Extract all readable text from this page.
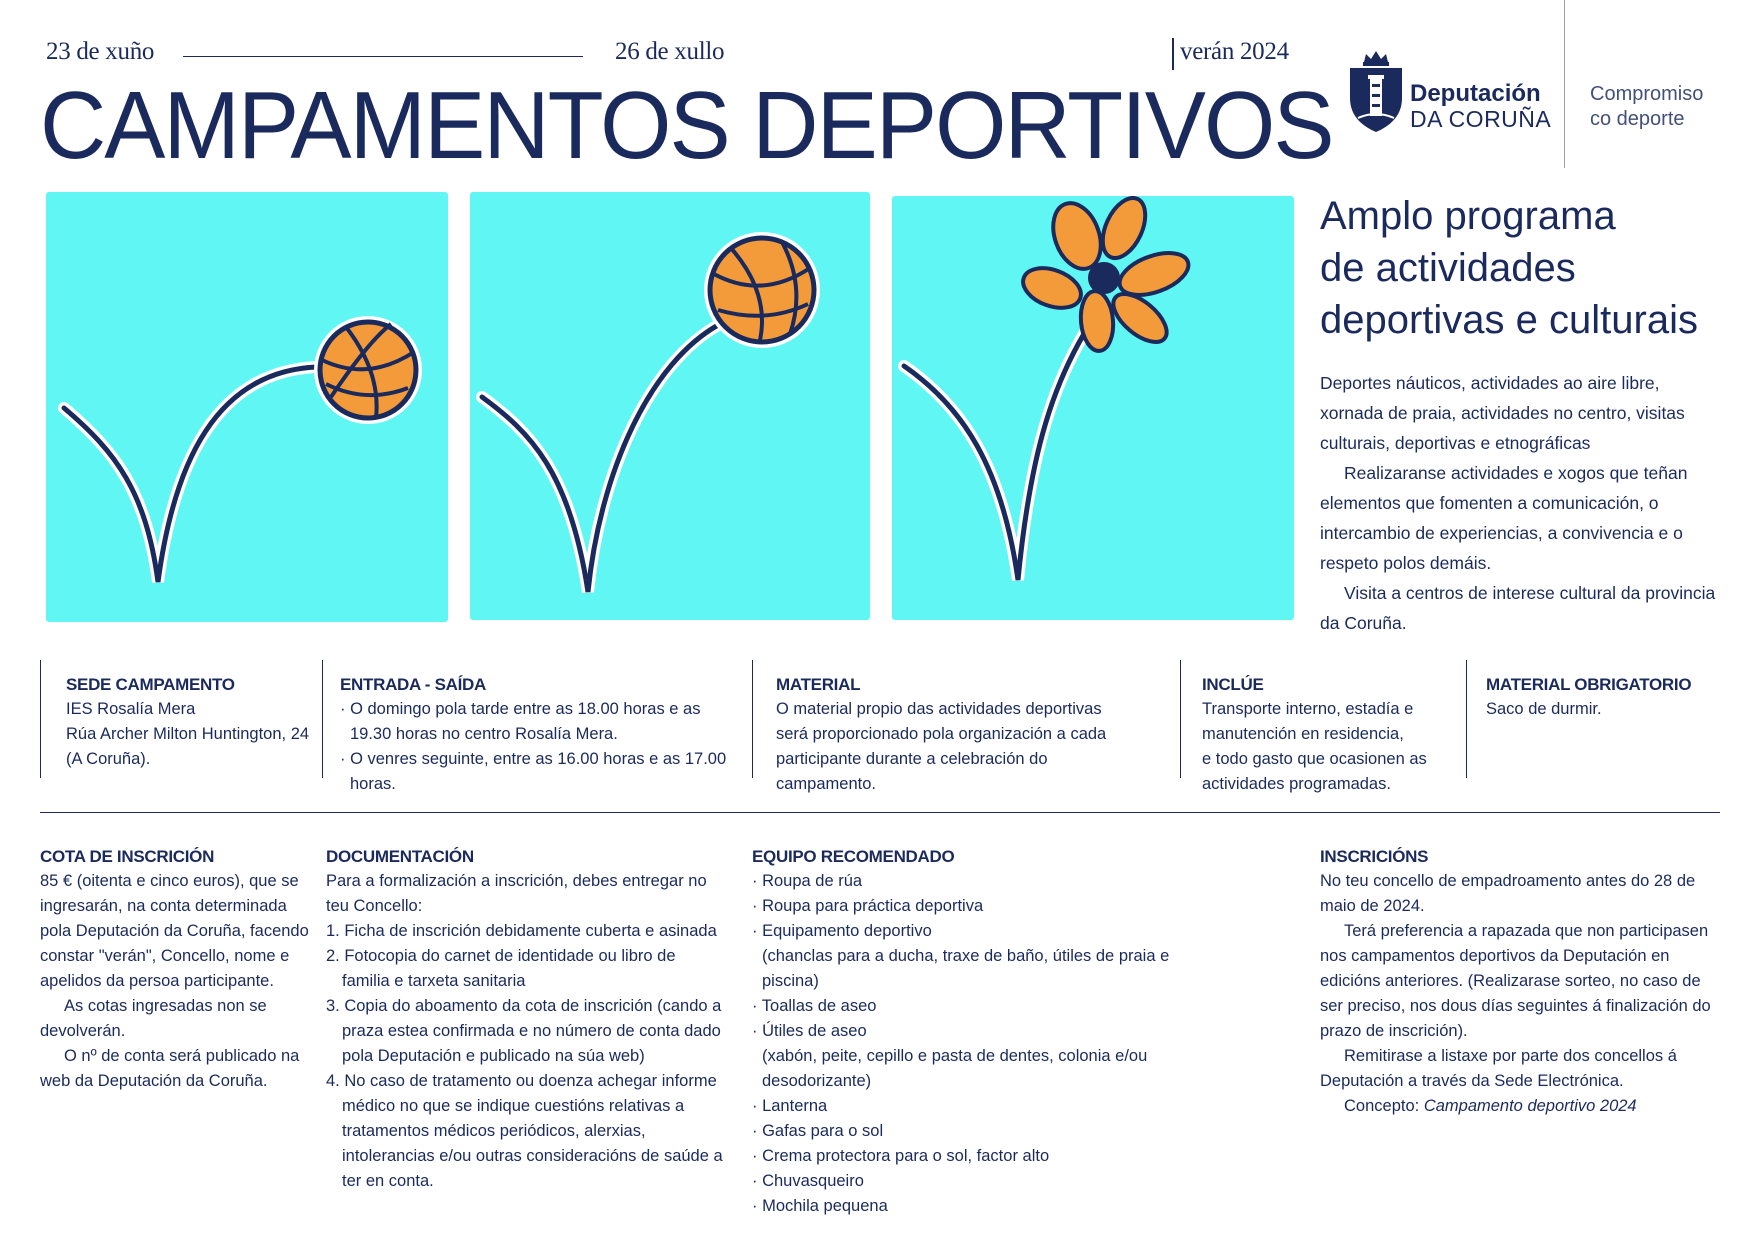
23 de xuño	26 de xullo	verán 2024
CAMPAMENTOS DEPORTIVOS	Deputación
DA CORUÑA
Compromiso
co deporte
Amplo programa
de actividades
deportivas e culturais

Deportes náuticos, actividades ao aire libre, xornada de praia, actividades no centro, visitas culturais, deportivas e etnográficas

Realizaranse actividades e xogos que teñan elementos que fomenten a comunicación, o intercambio de experiencias, a convivencia e o respeto polos demáis.

Visita a centros de interese cultural da provincia da Coruña.

SEDE CAMPAMENTO

IES Rosalía Mera

Rúa Archer Milton Huntington, 24

(A Coruña).

ENTRADA - SAÍDA

· O domingo pola tarde entre as 18.00 horas e as 19.30 horas no centro Rosalía Mera.

· O venres seguinte, entre as 16.00 horas e as 17.00 horas.

MATERIAL

O material propio das actividades deportivas será proporcionado pola organización a cada participante durante a celebración do campamento.

INCLÚE

Transporte interno, estadía e manutención en residencia,

e todo gasto que ocasionen as actividades programadas.

MATERIAL OBRIGATORIO

Saco de durmir.

COTA DE INSCRICIÓN

85 € (oitenta e cinco euros), que se ingresarán, na conta determinada pola Deputación da Coruña, facendo constar "verán", Concello, nome e apelidos da persoa participante.

As cotas ingresadas non se devolverán.

O nº de conta será publicado na web da Deputación da Coruña.

DOCUMENTACIÓN

Para a formalización a inscrición, debes entregar no teu Concello:

1. Ficha de inscrición debidamente cuberta e asinada
2. Fotocopia do carnet de identidade ou libro de familia e tarxeta sanitaria
3. Copia do aboamento da cota de inscrición (cando a praza estea confirmada e no número de conta dado pola Deputación e publicado na súa web)
4. No caso de tratamento ou doenza achegar informe médico no que se indique cuestións relativas a tratamentos médicos periódicos, alerxias, intolerancias e/ou outras consideracións de saúde a ter en conta.
EQUIPO RECOMENDADO
· Roupa de rúa
· Roupa para práctica deportiva
· Equipamento deportivo
(chanclas para a ducha, traxe de baño, útiles de praia e piscina)
· Toallas de aseo
· Útiles de aseo
(xabón, peite, cepillo e pasta de dentes, colonia e/ou desodorizante)
· Lanterna
· Gafas para o sol
· Crema protectora para o sol, factor alto
· Chuvasqueiro
· Mochila pequena
INSCRICIÓNS

No teu concello de empadroamento antes do 28 de maio de 2024.

Terá preferencia a rapazada que non participasen nos campamentos deportivos da Deputación en edicións anteriores. (Realizarase sorteo, no caso de ser preciso, nos dous días seguintes á finalización do prazo de inscrición).

Remitirase a listaxe por parte dos concellos á Deputación a través da Sede Electrónica.

Concepto: Campamento deportivo 2024
